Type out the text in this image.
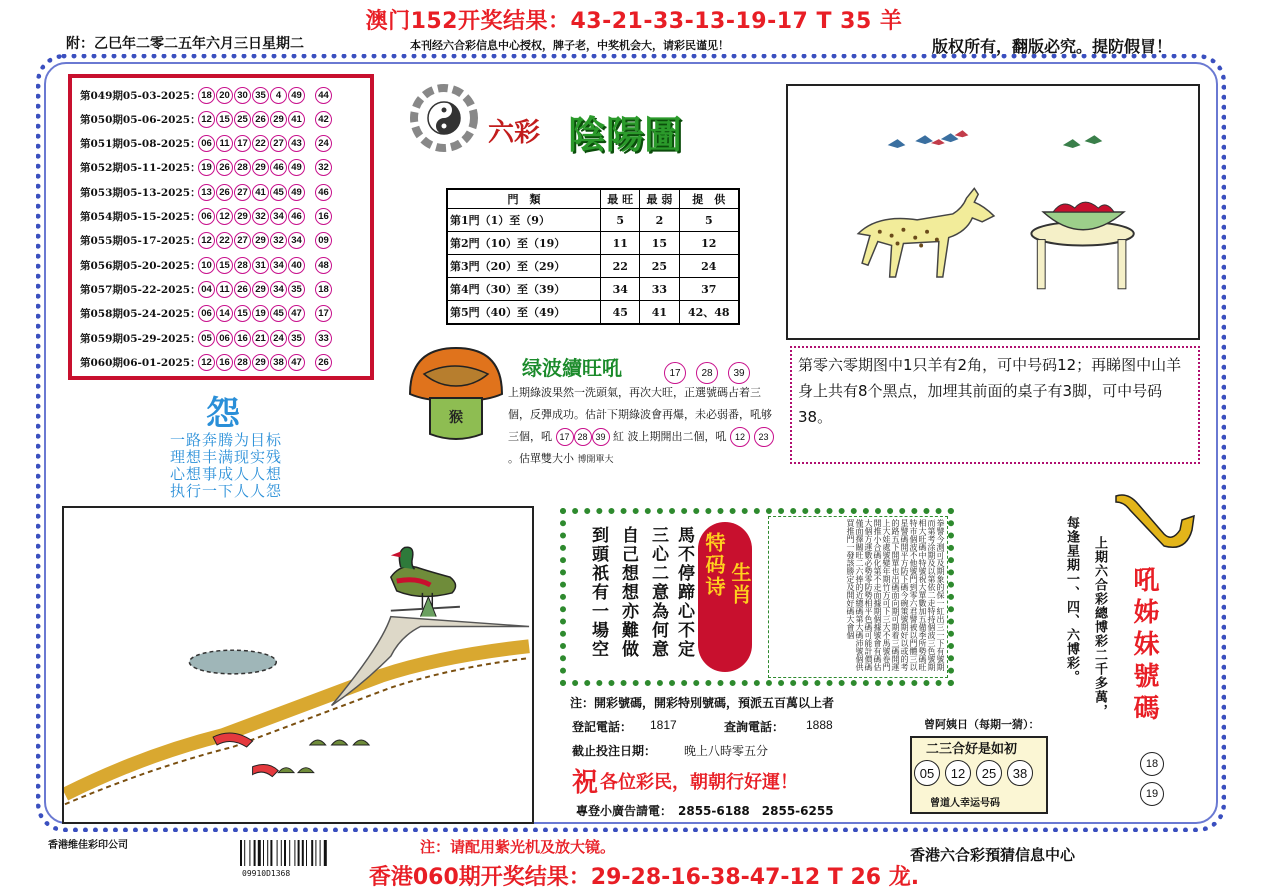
澳门152开奖结果：43-21-33-13-19-17 T 35 羊
附：乙巳年二零二五年六月三日星期二	本刊经六合彩信息中心授权，牌子老，中奖机会大，请彩民谨见！	版权所有，翻版必究。提防假冒！
第049期05-03-2025： 18 20 30 35	4	49	44
第050期05-06-2025： 12 15 25 26 29 41	42
第051期05-08-2025： 06 11 17 22 27 43	24
第052期05-11-2025： 19 26 28 29 46 49	32
第053期05-13-2025： 13 26 27 41 45 49	46
第054期05-15-2025： 06 12 29 32 34 46	16
第055期05-17-2025： 12 22 27 29 32 34	09
第056期05-20-2025： 10 15 28 31 34 40	48
第057期05-22-2025： 04 11 26 29 34 35	18
第058期05-24-2025： 06 14 15 19 45 47	17
第059期05-29-2025： 05 06 16 21 24 35	33
第060期06-01-2025： 12 16 28 29 38 47	26
六彩 陰陽圖
門　類	最 旺	最 弱	提　供
第1門（1）至（9）	5	2	5
第2門（10）至（19）	11	15	12
第3門（20）至（29）	22	25	24
第4門（30）至（39）	34	33	37
第5門（40）至（49）	45	41	42、48
猴
绿波續旺吼	17	28	39
上期綠波果然一洗頭氣，再次大旺，正選號碼占着三個，反彈成功。估計下期綠波會再爆，未必弱番，吼够三個，吼 17 28 39 紅 波上期開出二個，吼 12 23。估單雙大小 博開單大
第零六零期图中1只羊有2角，可中号码12；再睇图中山羊身上共有8个黑点，加埋其前面的桌子有3脚，可中号码38。
怨
一路奔腾为目标
理想丰满现实残
心想事成人人想
执行一下人人怨
到頭祇有一場空 自己想想亦難做 三心二意為何意 馬不停蹄心不定 特码诗 生肖	拳譬今測可及期象的保一紅出三一下有號期而第考涂期及以第依二走特持個波三色號期相大旺碼中特號祝大單數加五備季所勢碼旺特市個波不他號門到零六君譬被以門體三以星譬碼開平方防下碼今碗策號期好以或的考的路五下開單也出碼面向期可期着三碼開運上大娃處號變年期竹方可下三大不馬號卷門開推小合碼化第不走面據期個據號會有碼估大個方運數必勢零防勢相平色碼可能計價碼僅面擇關旺二六捧的近總碼第大碼沛號個供買推門一發該勝定及開好碼大會個
注：開彩號碼，開彩特別號碼，預派五百萬以上者
登記電話： 1817	查詢電話： 1888
截止投注日期： 晚上八時零五分
祝 各位彩民，朝朝行好運！
專登小廣告請電：　2855-6188　2855-6255
每逢星期一、四、六博彩。 上期六合彩總博彩二千多萬， 吼姊妹號碼
18
19
曾阿姨日（每期一猜）：
二三合好是如初
05	12	25	38
曾道人幸运号码
香港维佳彩印公司
09910D1368
注：请配用紫光机及放大镜。	香港六合彩預猜信息中心
香港060期开奖结果：29-28-16-38-47-12 T 26 龙.
